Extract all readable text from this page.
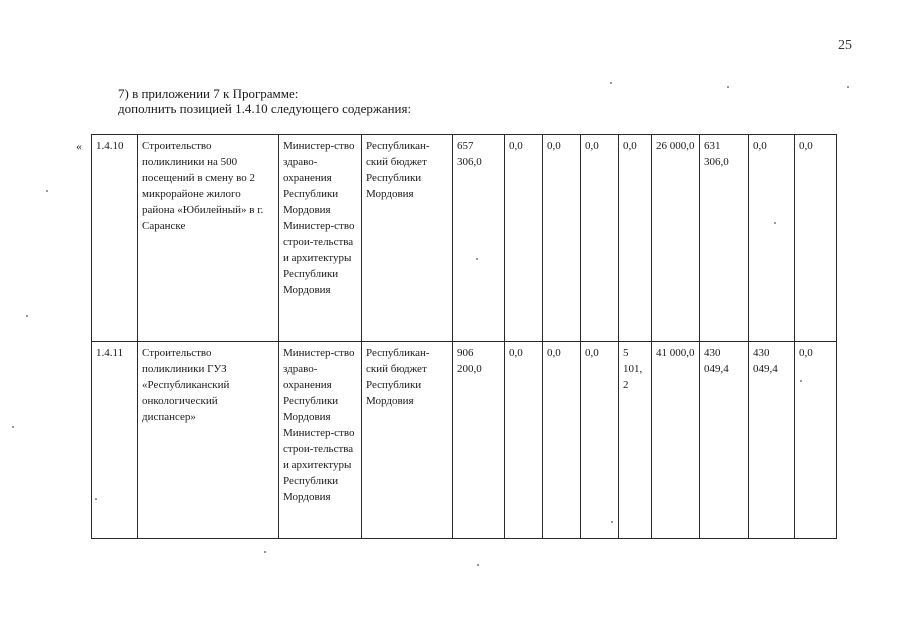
25
7) в приложении 7 к Программе:
дополнить позицией 1.4.10 следующего содержания:
« 1.4.10	Строительство поликлиники на 500 посещений в смену во 2 микрорайоне жилого района «Юбилейный» в г. Саранске	Министер-ство здраво-охранения Республики Мордовия Министер-ство строи-тельства и архитектуры Республики Мордовия	Республикан-ский бюджет Республики Мордовия	657 306,0	0,0	0,0	0,0	0,0	26 000,0	631 306,0	0,0	0,0
1.4.11	Строительство поликлиники ГУЗ «Республиканский онкологический диспансер»	Министер-ство здраво-охранения Республики Мордовия Министер-ство строи-тельства и архитектуры Республики Мордовия	Республикан-ский бюджет Республики Мордовия	906 200,0	0,0	0,0	0,0	5 101, 2	41 000,0	430 049,4	430 049,4	0,0
